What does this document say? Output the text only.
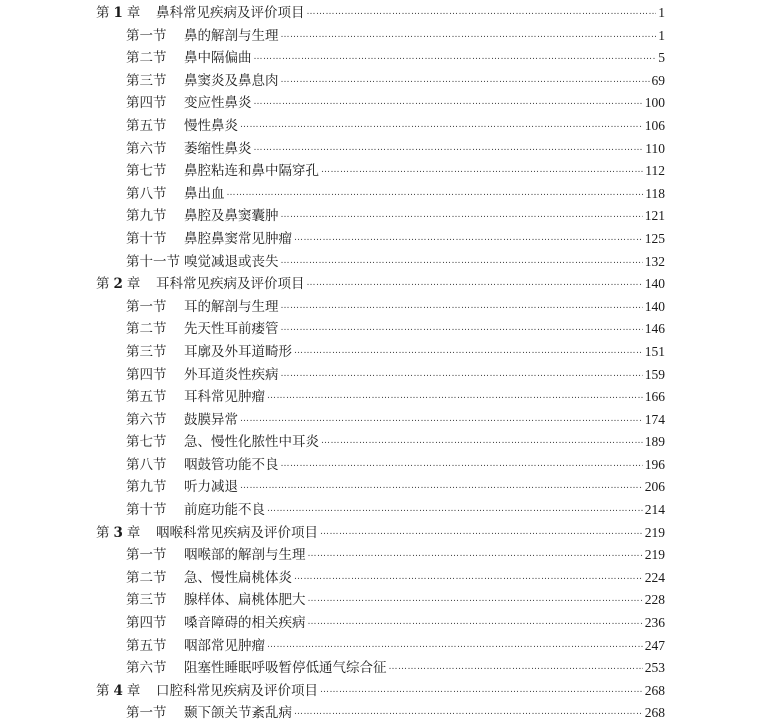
第 1 章	鼻科常见疾病及评价项目 …………………………………………………………………………………………………………………………………………………………………………………………………………………	1
第一节	鼻的解剖与生理 …………………………………………………………………………………………………………………………………………………………………………………………………………………	1
第二节	鼻中隔偏曲 …………………………………………………………………………………………………………………………………………………………………………………………………………………	5
第三节	鼻窦炎及鼻息肉 …………………………………………………………………………………………………………………………………………………………………………………………………………………	69
第四节	变应性鼻炎 …………………………………………………………………………………………………………………………………………………………………………………………………………………	100
第五节	慢性鼻炎 …………………………………………………………………………………………………………………………………………………………………………………………………………………	106
第六节	萎缩性鼻炎 …………………………………………………………………………………………………………………………………………………………………………………………………………………	110
第七节	鼻腔粘连和鼻中隔穿孔 …………………………………………………………………………………………………………………………………………………………………………………………………………………	112
第八节	鼻出血 …………………………………………………………………………………………………………………………………………………………………………………………………………………	118
第九节	鼻腔及鼻窦囊肿 …………………………………………………………………………………………………………………………………………………………………………………………………………………	121
第十节	鼻腔鼻窦常见肿瘤 …………………………………………………………………………………………………………………………………………………………………………………………………………………	125
第十一节 嗅觉减退或丧失 …………………………………………………………………………………………………………………………………………………………………………………………………………………	132
第 2 章	耳科常见疾病及评价项目 …………………………………………………………………………………………………………………………………………………………………………………………………………………	140
第一节	耳的解剖与生理 …………………………………………………………………………………………………………………………………………………………………………………………………………………	140
第二节	先天性耳前瘘管 …………………………………………………………………………………………………………………………………………………………………………………………………………………	146
第三节	耳廓及外耳道畸形 …………………………………………………………………………………………………………………………………………………………………………………………………………………	151
第四节	外耳道炎性疾病 …………………………………………………………………………………………………………………………………………………………………………………………………………………	159
第五节	耳科常见肿瘤 …………………………………………………………………………………………………………………………………………………………………………………………………………………	166
第六节	鼓膜异常 …………………………………………………………………………………………………………………………………………………………………………………………………………………	174
第七节	急、慢性化脓性中耳炎 …………………………………………………………………………………………………………………………………………………………………………………………………………………	189
第八节	咽鼓管功能不良 …………………………………………………………………………………………………………………………………………………………………………………………………………………	196
第九节	听力减退 …………………………………………………………………………………………………………………………………………………………………………………………………………………	206
第十节	前庭功能不良 …………………………………………………………………………………………………………………………………………………………………………………………………………………	214
第 3 章	咽喉科常见疾病及评价项目 …………………………………………………………………………………………………………………………………………………………………………………………………………………	219
第一节	咽喉部的解剖与生理 …………………………………………………………………………………………………………………………………………………………………………………………………………………	219
第二节	急、慢性扁桃体炎 …………………………………………………………………………………………………………………………………………………………………………………………………………………	224
第三节	腺样体、扁桃体肥大 …………………………………………………………………………………………………………………………………………………………………………………………………………………	228
第四节	嗓音障碍的相关疾病 …………………………………………………………………………………………………………………………………………………………………………………………………………………	236
第五节	咽部常见肿瘤 …………………………………………………………………………………………………………………………………………………………………………………………………………………	247
第六节	阻塞性睡眠呼吸暂停低通气综合征 …………………………………………………………………………………………………………………………………………………………………………………………………………………	253
第 4 章	口腔科常见疾病及评价项目 …………………………………………………………………………………………………………………………………………………………………………………………………………………	268
第一节	颞下颌关节紊乱病 …………………………………………………………………………………………………………………………………………………………………………………………………………………	268
